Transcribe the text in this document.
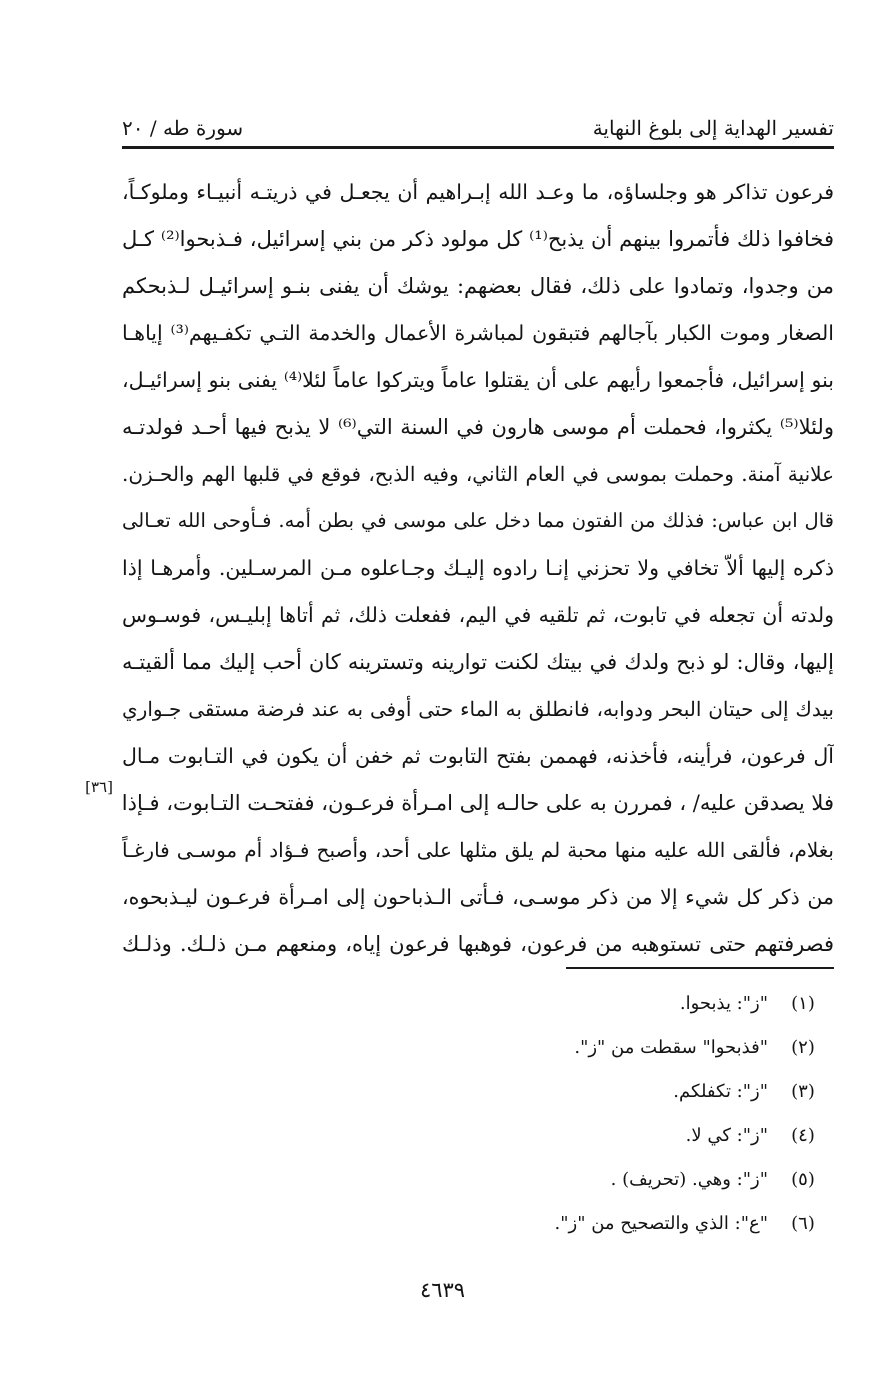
تفسير الهداية إلى بلوغ النهاية
سورة طه / ٢٠
فرعون تذاكر هو وجلساؤه، ما وعـد الله إبـراهيم أن يجعـل في ذريتـه أنبيـاء وملوكـاً،
فخافوا ذلك فأتمروا بينهم أن يذبح⁽¹⁾ كل مولود ذكر من بني إسرائيل، فـذبحوا⁽²⁾ كـل
من وجدوا، وتمادوا على ذلك، فقال بعضهم: يوشك أن يفنى بنـو إسرائيـل لـذبحكم
الصغار وموت الكبار بآجالهم فتبقون لمباشرة الأعمال والخدمة التـي تكفـيهم⁽³⁾ إياهـا
بنو إسرائيل، فأجمعوا رأيهم على أن يقتلوا عاماً ويتركوا عاماً لئلا⁽⁴⁾ يفنى بنو إسرائيـل،
ولئلا⁽⁵⁾ يكثروا، فحملت أم موسى هارون في السنة التي⁽⁶⁾ لا يذبح فيها أحـد فولدتـه
علانية آمنة. وحملت بموسى في العام الثاني، وفيه الذبح، فوقع في قلبها الهم والحـزن.
قال ابن عباس: فذلك من الفتون مما دخل على موسى في بطن أمه. فـأوحى الله تعـالى
ذكره إليها ألاّ تخافي ولا تحزني إنـا رادوه إليـك وجـاعلوه مـن المرسـلين. وأمرهـا إذا
ولدته أن تجعله في تابوت، ثم تلقيه في اليم، ففعلت ذلك، ثم أتاها إبليـس، فوسـوس
إليها، وقال: لو ذبح ولدك في بيتك لكنت توارينه وتسترينه كان أحب إليك مما ألقيتـه
بيدك إلى حيتان البحر ودوابه، فانطلق به الماء حتى أوفى به عند فرضة مستقى جـواري
آل فرعون، فرأينه، فأخذنه، فهممن بفتح التابوت ثم خفن أن يكون في التـابوت مـال
فلا يصدقن عليه/ ، فمررن به على حالـه إلى امـرأة فرعـون، ففتحـت التـابوت، فـإذا
بغلام، فألقى الله عليه منها محبة لم يلق مثلها على أحد، وأصبح فـؤاد أم موسـى فارغـاً
من ذكر كل شيء إلا من ذكر موسـى، فـأتى الـذباحون إلى امـرأة فرعـون ليـذبحوه،
فصرفتهم حتى تستوهبه من فرعون، فوهبها فرعون إياه، ومنعهم مـن ذلـك. وذلـك
[٣٦]
(١)
"ز": يذبحوا.
(٢)
"فذبحوا" سقطت من "ز".
(٣)
"ز": تكفلكم.
(٤)
"ز": كي لا.
(٥)
"ز": وهي. (تحريف) .
(٦)
"ع": الذي والتصحيح من "ز".
٤٦٣٩
